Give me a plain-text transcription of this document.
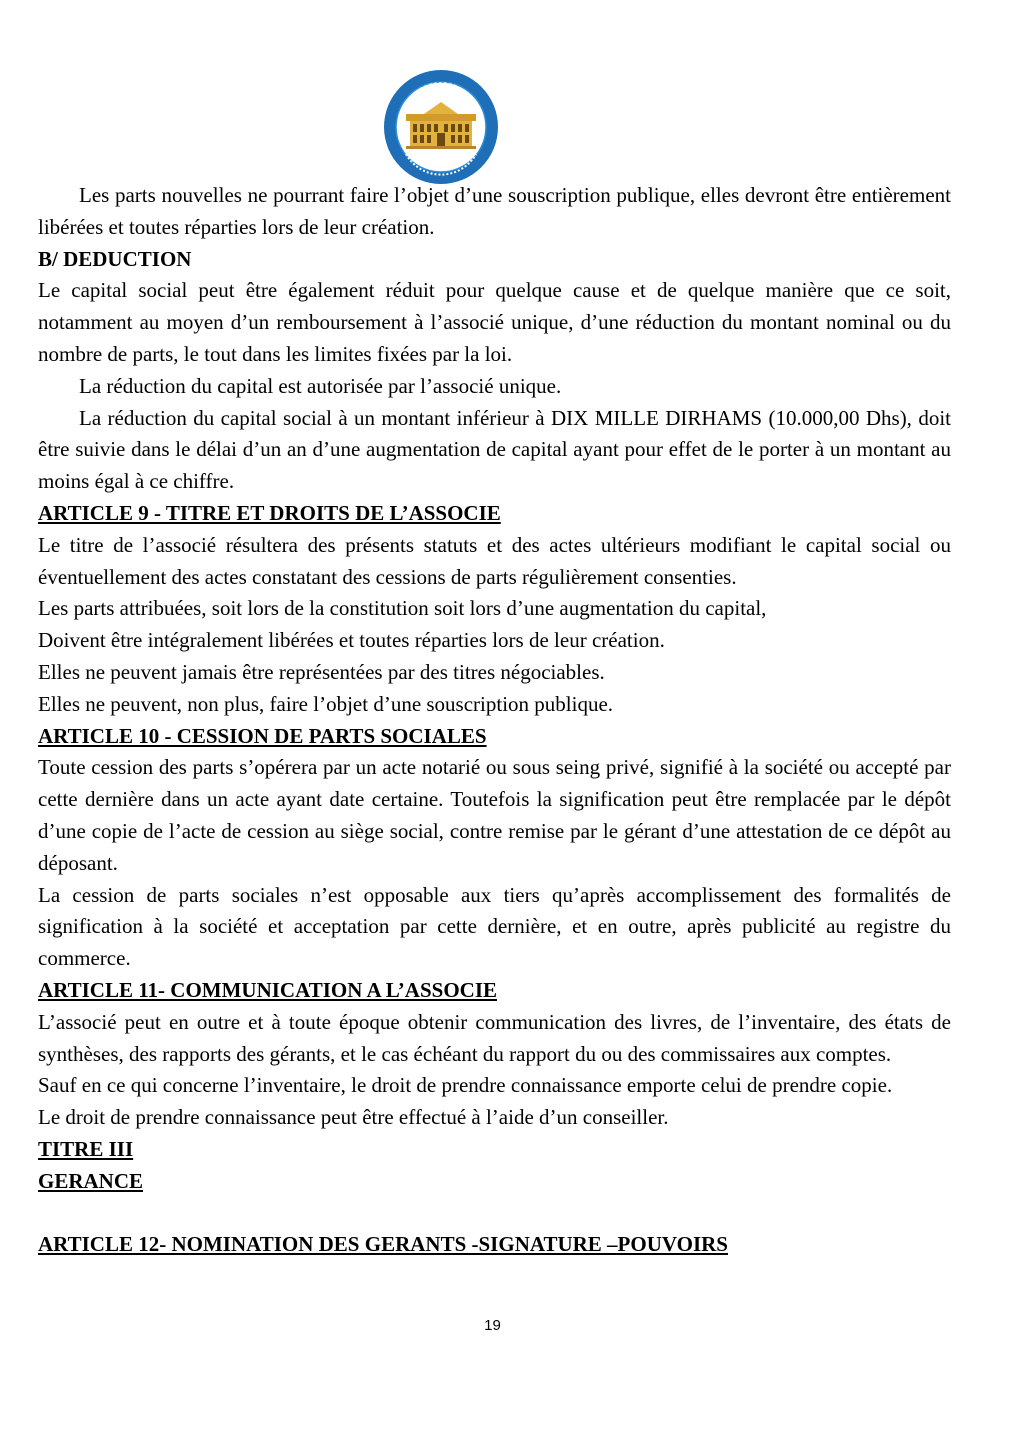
Les parts nouvelles ne pourrant faire l’objet d’une souscription publique, elles devront être entièrement libérées et toutes réparties lors de leur création.

B/ DEDUCTION

Le capital social peut être également réduit pour quelque cause et de quelque manière que ce soit, notamment au moyen d’un remboursement à l’associé unique, d’une réduction du montant nominal ou du nombre de parts, le tout dans les limites fixées par la loi.

La réduction du capital est autorisée par l’associé unique.

La réduction du capital social à un montant inférieur à DIX MILLE DIRHAMS (10.000,00 Dhs), doit être suivie dans le délai d’un an d’une augmentation de capital ayant pour effet de le porter à un montant au moins égal à ce chiffre.

ARTICLE 9 - TITRE ET DROITS DE L’ASSOCIE

Le titre de l’associé résultera des présents statuts et des actes ultérieurs modifiant le capital social ou éventuellement des actes constatant des cessions de parts régulièrement consenties.

Les parts attribuées, soit lors de la constitution soit lors d’une augmentation du capital,

Doivent être intégralement libérées et toutes réparties lors de leur création.

Elles ne peuvent jamais être représentées par des titres négociables.

Elles ne peuvent, non plus, faire l’objet d’une souscription publique.

ARTICLE 10 - CESSION DE PARTS SOCIALES

Toute cession des parts s’opérera par un acte notarié ou sous seing privé, signifié à la société ou accepté par cette dernière dans un acte ayant date certaine. Toutefois la signification peut être remplacée par le dépôt d’une copie de l’acte de cession au siège social, contre remise par le gérant d’une attestation de ce dépôt au déposant.

La cession de parts sociales n’est opposable aux tiers qu’après accomplissement des formalités de signification à la société et acceptation par cette dernière, et en outre, après publicité au registre du commerce.

ARTICLE 11- COMMUNICATION A L’ASSOCIE

L’associé peut en outre et à toute époque obtenir communication des livres, de l’inventaire, des états de synthèses, des rapports des gérants, et le cas échéant du rapport du ou des commissaires aux comptes.

Sauf en ce qui concerne l’inventaire, le droit de prendre connaissance emporte celui de prendre copie.

Le droit de prendre connaissance peut être effectué à l’aide d’un conseiller.

TITRE III
GERANCE
ARTICLE 12- NOMINATION DES GERANTS -SIGNATURE –POUVOIRS
19
